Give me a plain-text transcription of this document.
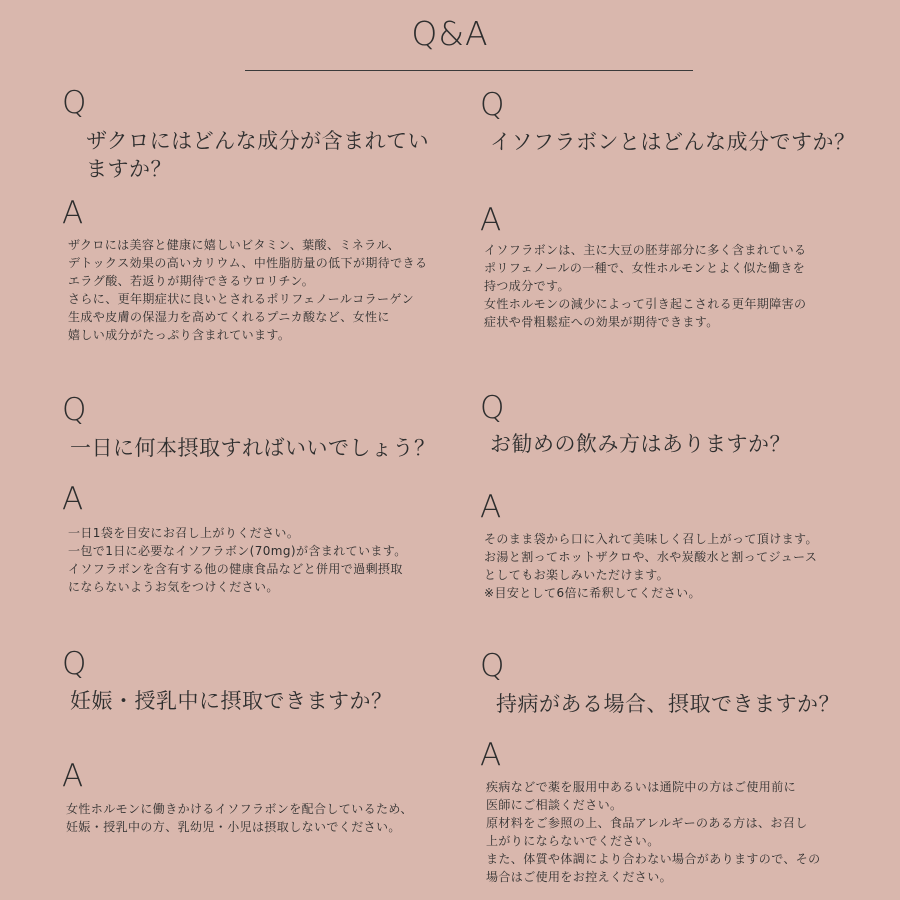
Q&A
Q
ザクロにはどんな成分が含まれていますか？
A
ザクロには美容と健康に嬉しいビタミン、葉酸、ミネラル、
デトックス効果の高いカリウム、中性脂肪量の低下が期待できる
エラグ酸、若返りが期待できるウロリチン。
さらに、更年期症状に良いとされるポリフェノールコラーゲン
生成や皮膚の保湿力を高めてくれるプニカ酸など、女性に
嬉しい成分がたっぷり含まれています。
Q
イソフラボンとはどんな成分ですか？
A
イソフラボンは、主に大豆の胚芽部分に多く含まれている
ポリフェノールの一種で、女性ホルモンとよく似た働きを
持つ成分です。
女性ホルモンの減少によって引き起こされる更年期障害の
症状や骨粗鬆症への効果が期待できます。
Q
一日に何本摂取すればいいでしょう？
A
一日1袋を目安にお召し上がりください。
一包で1日に必要なイソフラボン(70mg)が含まれています。
イソフラボンを含有する他の健康食品などと併用で過剰摂取
にならないようお気をつけください。
Q
お勧めの飲み方はありますか？
A
そのまま袋から口に入れて美味しく召し上がって頂けます。
お湯と割ってホットザクロや、水や炭酸水と割ってジュース
としてもお楽しみいただけます。
※目安として6倍に希釈してください。
Q
妊娠・授乳中に摂取できますか？
A
女性ホルモンに働きかけるイソフラボンを配合しているため、
妊娠・授乳中の方、乳幼児・小児は摂取しないでください。
Q
持病がある場合、摂取できますか？
A
疾病などで薬を服用中あるいは通院中の方はご使用前に
医師にご相談ください。
原材料をご参照の上、食品アレルギーのある方は、お召し
上がりにならないでください。
また、体質や体調により合わない場合がありますので、その
場合はご使用をお控えください。
